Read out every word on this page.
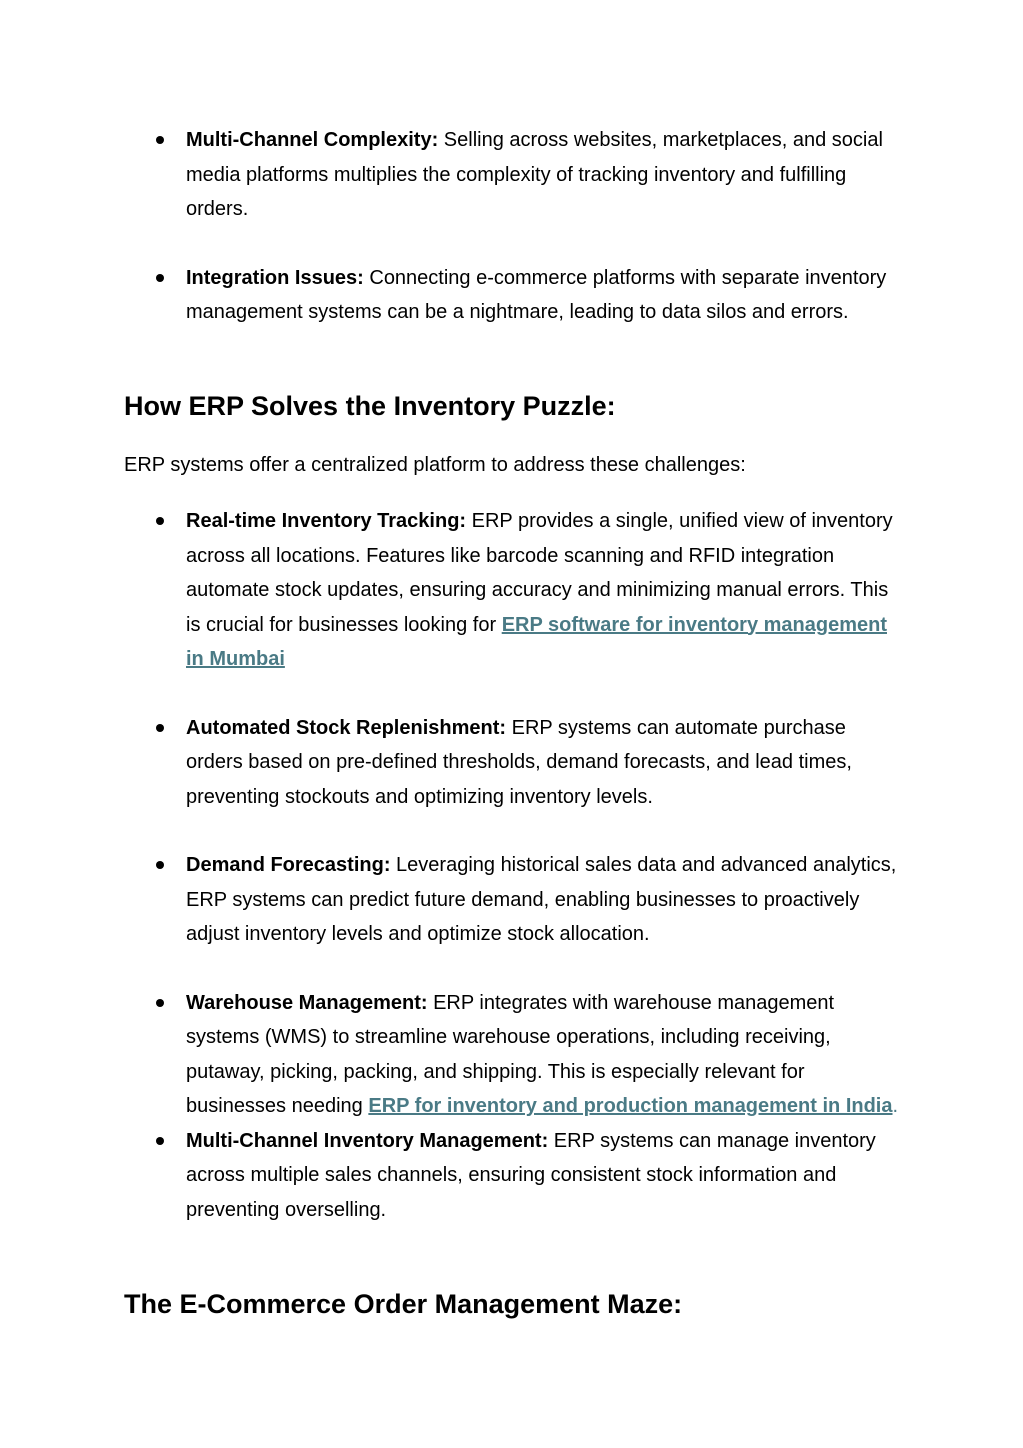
Multi-Channel Complexity: Selling across websites, marketplaces, and social media platforms multiplies the complexity of tracking inventory and fulfilling orders.
Integration Issues: Connecting e-commerce platforms with separate inventory management systems can be a nightmare, leading to data silos and errors.
How ERP Solves the Inventory Puzzle:

ERP systems offer a centralized platform to address these challenges:

Real-time Inventory Tracking: ERP provides a single, unified view of inventory across all locations. Features like barcode scanning and RFID integration automate stock updates, ensuring accuracy and minimizing manual errors. This is crucial for businesses looking for ERP software for inventory management in Mumbai
Automated Stock Replenishment: ERP systems can automate purchase orders based on pre-defined thresholds, demand forecasts, and lead times, preventing stockouts and optimizing inventory levels.
Demand Forecasting: Leveraging historical sales data and advanced analytics, ERP systems can predict future demand, enabling businesses to proactively adjust inventory levels and optimize stock allocation.
Warehouse Management: ERP integrates with warehouse management systems (WMS) to streamline warehouse operations, including receiving, putaway, picking, packing, and shipping. This is especially relevant for businesses needing ERP for inventory and production management in India.
Multi-Channel Inventory Management: ERP systems can manage inventory across multiple sales channels, ensuring consistent stock information and preventing overselling.
The E-Commerce Order Management Maze:
